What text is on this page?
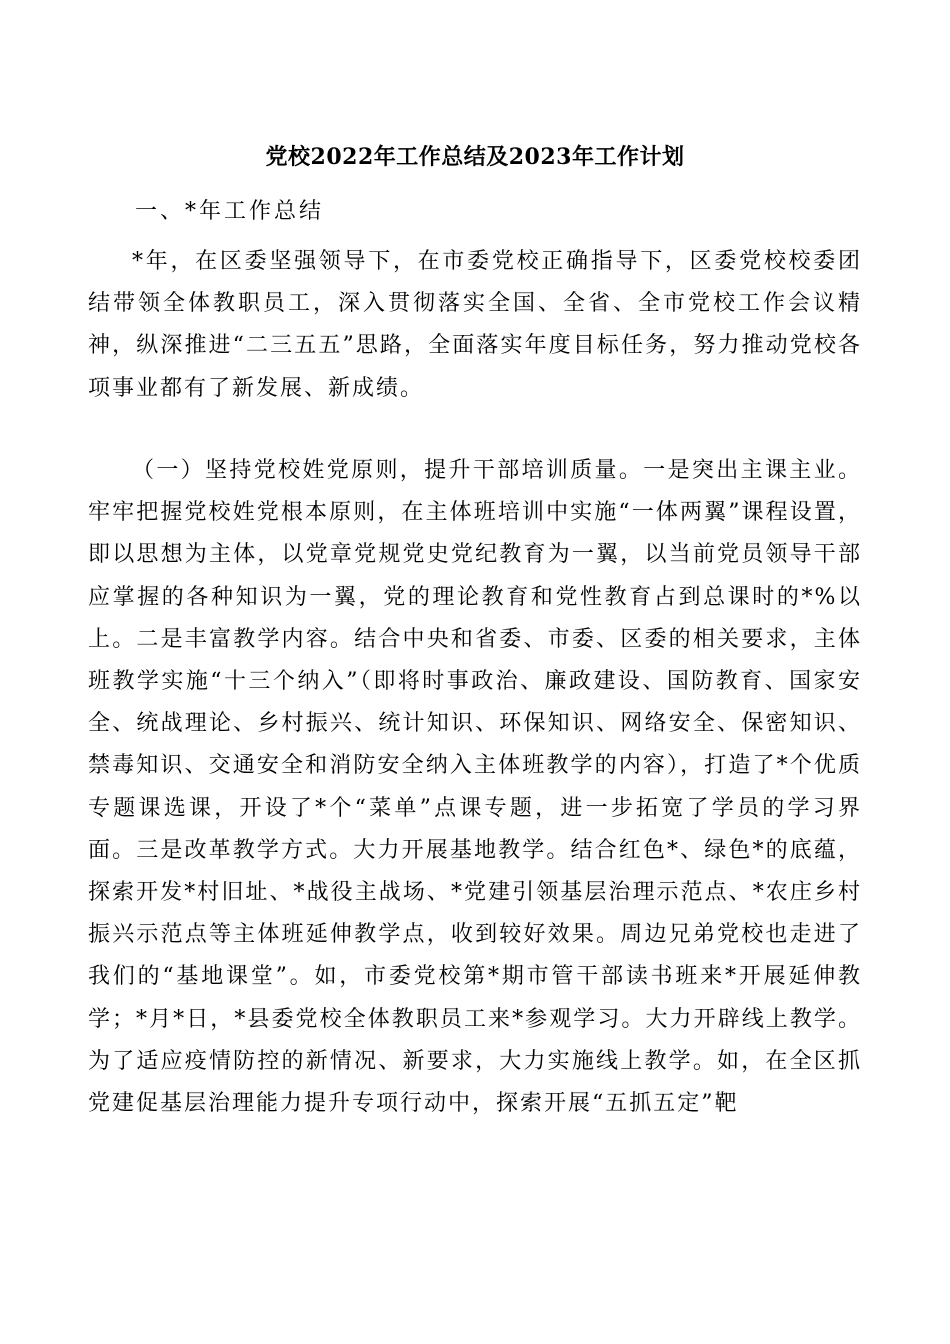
党校2022年工作总结及2023年工作计划
一、*年工作总结

*年，在区委坚强领导下，在市委党校正确指导下，区委党校校委团结带领全体教职员工，深入贯彻落实全国、全省、全市党校工作会议精神，纵深推进“二三五五”思路，全面落实年度目标任务，努力推动党校各项事业都有了新发展、新成绩。

（一）坚持党校姓党原则，提升干部培训质量。一是突出主课主业。牢牢把握党校姓党根本原则，在主体班培训中实施“一体两翼”课程设置，即以思想为主体，以党章党规党史党纪教育为一翼，以当前党员领导干部应掌握的各种知识为一翼，党的理论教育和党性教育占到总课时的*%以上。二是丰富教学内容。结合中央和省委、市委、区委的相关要求，主体班教学实施“十三个纳入”（即将时事政治、廉政建设、国防教育、国家安全、统战理论、乡村振兴、统计知识、环保知识、网络安全、保密知识、禁毒知识、交通安全和消防安全纳入主体班教学的内容），打造了*个优质专题课选课，开设了*个“菜单”点课专题，进一步拓宽了学员的学习界面。三是改革教学方式。大力开展基地教学。结合红色*、绿色*的底蕴，探索开发*村旧址、*战役主战场、*党建引领基层治理示范点、*农庄乡村振兴示范点等主体班延伸教学点，收到较好效果。周边兄弟党校也走进了我们的“基地课堂”。如，市委党校第*期市管干部读书班来*开展延伸教学；*月*日，*县委党校全体教职员工来*参观学习。大力开辟线上教学。为了适应疫情防控的新情况、新要求，大力实施线上教学。如，在全区抓党建促基层治理能力提升专项行动中，探索开展“五抓五定”靶
